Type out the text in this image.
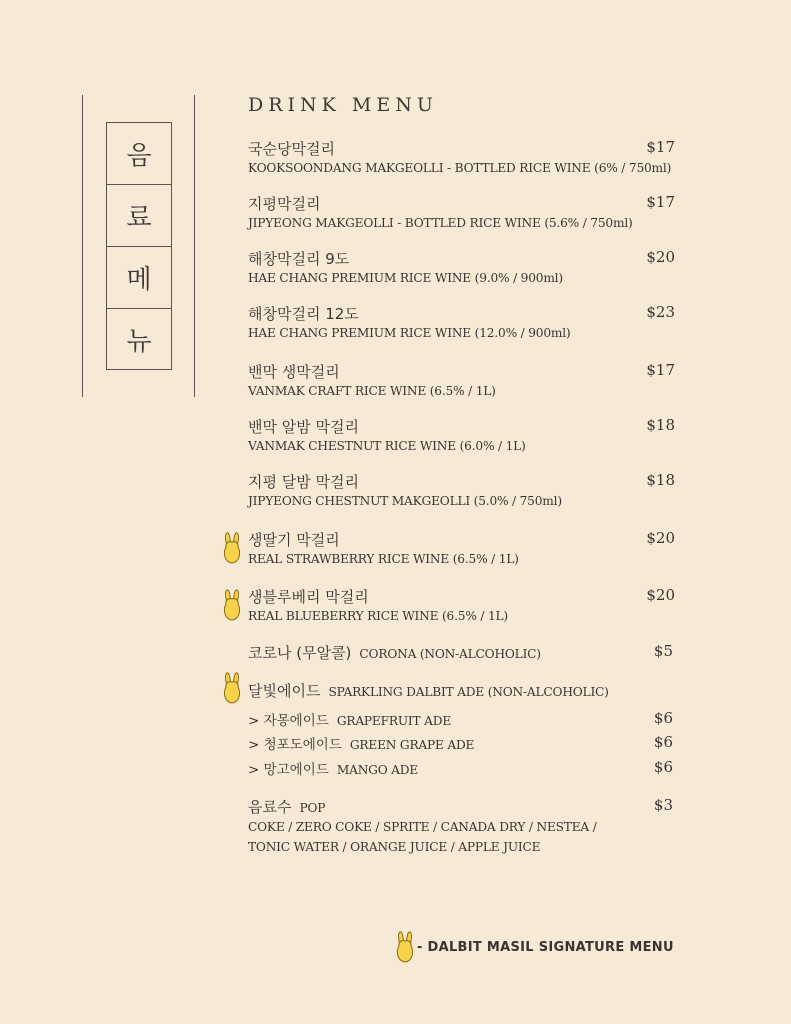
음
료
메
뉴
DRINK MENU
국순당막걸리	$17
KOOKSOONDANG MAKGEOLLI - BOTTLED RICE WINE (6% / 750ml)
지평막걸리	$17
JIPYEONG MAKGEOLLI - BOTTLED RICE WINE (5.6% / 750ml)
해창막걸리 9도	$20
HAE CHANG PREMIUM RICE WINE (9.0% / 900ml)
해창막걸리 12도	$23
HAE CHANG PREMIUM RICE WINE (12.0% / 900ml)
밴막 생막걸리	$17
VANMAK CRAFT RICE WINE (6.5% / 1L)
밴막 알밤 막걸리	$18
VANMAK CHESTNUT RICE WINE (6.0% / 1L)
지평 달밤 막걸리	$18
JIPYEONG CHESTNUT MAKGEOLLI (5.0% / 750ml)
생딸기 막걸리	$20
REAL STRAWBERRY RICE WINE (6.5% / 1L)
생블루베리 막걸리	$20
REAL BLUEBERRY RICE WINE (6.5% / 1L)
코로나 (무알콜) CORONA (NON-ALCOHOLIC)	$5
달빛에이드 SPARKLING DALBIT ADE (NON-ALCOHOLIC)
> 자몽에이드 GRAPEFRUIT ADE	$6
> 청포도에이드 GREEN GRAPE ADE	$6
> 망고에이드 MANGO ADE	$6
음료수 POP	$3
COKE / ZERO COKE / SPRITE / CANADA DRY / NESTEA /
TONIC WATER / ORANGE JUICE / APPLE JUICE
- DALBIT MASIL SIGNATURE MENU
